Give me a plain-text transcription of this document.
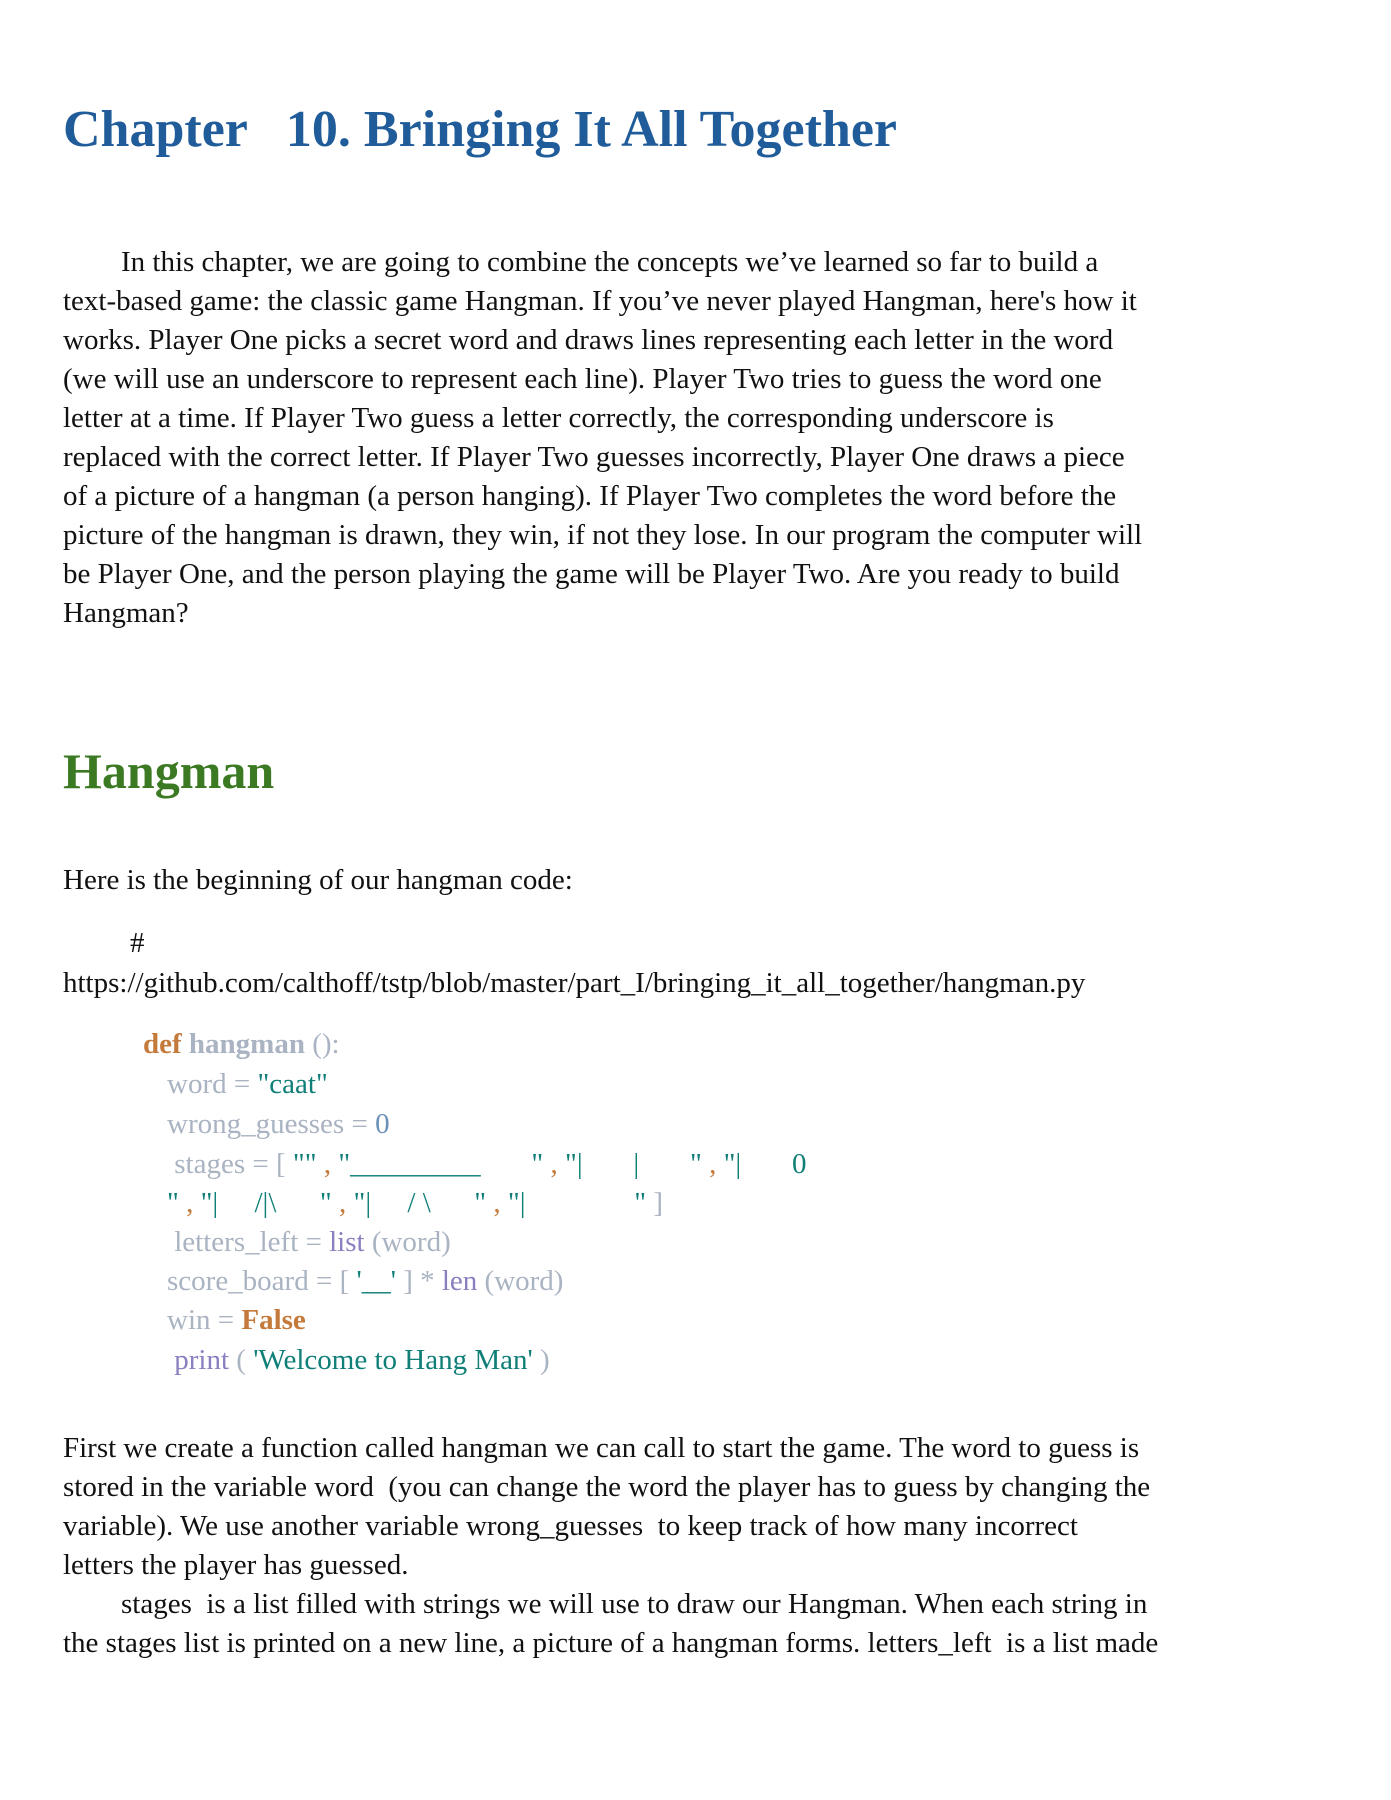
Chapter   10. Bringing It All Together
In this chapter, we are going to combine the concepts we’ve learned so far to build a
text-based game: the classic game Hangman. If you’ve never played Hangman, here's how it
works. Player One picks a secret word and draws lines representing each letter in the word
(we will use an underscore to represent each line). Player Two tries to guess the word one
letter at a time. If Player Two guess a letter correctly, the corresponding underscore is
replaced with the correct letter. If Player Two guesses incorrectly, Player One draws a piece
of a picture of a hangman (a person hanging). If Player Two completes the word before the
picture of the hangman is drawn, they win, if not they lose. In our program the computer will
be Player One, and the person playing the game will be Player Two. Are you ready to build
Hangman?
Hangman
Here is the beginning of our hangman code:
#
https://github.com/calthoff/tstp/blob/master/part_I/bringing_it_all_together/hangman.py
def hangman ():
word = "caat"
wrong_guesses = 0
stages = [ "" , "_________       " , "|       |       " , "|       0
" , "|     /|\      " , "|     / \      " , "|               " ]
letters_left = list (word)
score_board = [ '__' ] * len (word)
win = False
print ( 'Welcome to Hang Man' )
First we create a function called hangman we can call to start the game. The word to guess is
stored in the variable word  (you can change the word the player has to guess by changing the
variable). We use another variable wrong_guesses  to keep track of how many incorrect
letters the player has guessed.
stages  is a list filled with strings we will use to draw our Hangman. When each string in
the stages list is printed on a new line, a picture of a hangman forms. letters_left  is a list made
